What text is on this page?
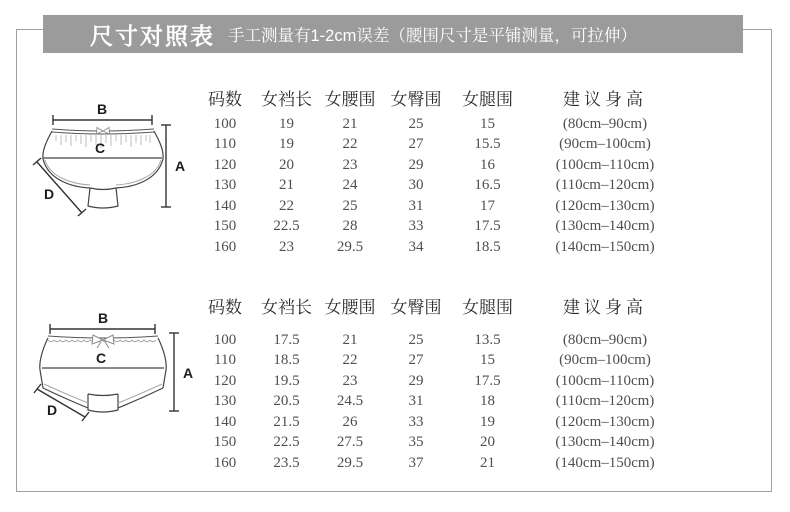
尺寸对照表 手工测量有1-2cm误差（腰围尺寸是平铺测量，可拉伸）
B
C
A
D
码数	女裆长	女腰围	女臀围	女腿围	建议身高

100	19	21	25	15	(80cm–90cm)
110	19	22	27	15.5	(90cm–100cm)
120	20	23	29	16	(100cm–110cm)
130	21	24	30	16.5	(110cm–120cm)
140	22	25	31	17	(120cm–130cm)
150	22.5	28	33	17.5	(130cm–140cm)
160	23	29.5	34	18.5	(140cm–150cm)
B
C
A
D
码数	女裆长	女腰围	女臀围	女腿围	建议身高

100	17.5	21	25	13.5	(80cm–90cm)
110	18.5	22	27	15	(90cm–100cm)
120	19.5	23	29	17.5	(100cm–110cm)
130	20.5	24.5	31	18	(110cm–120cm)
140	21.5	26	33	19	(120cm–130cm)
150	22.5	27.5	35	20	(130cm–140cm)
160	23.5	29.5	37	21	(140cm–150cm)
